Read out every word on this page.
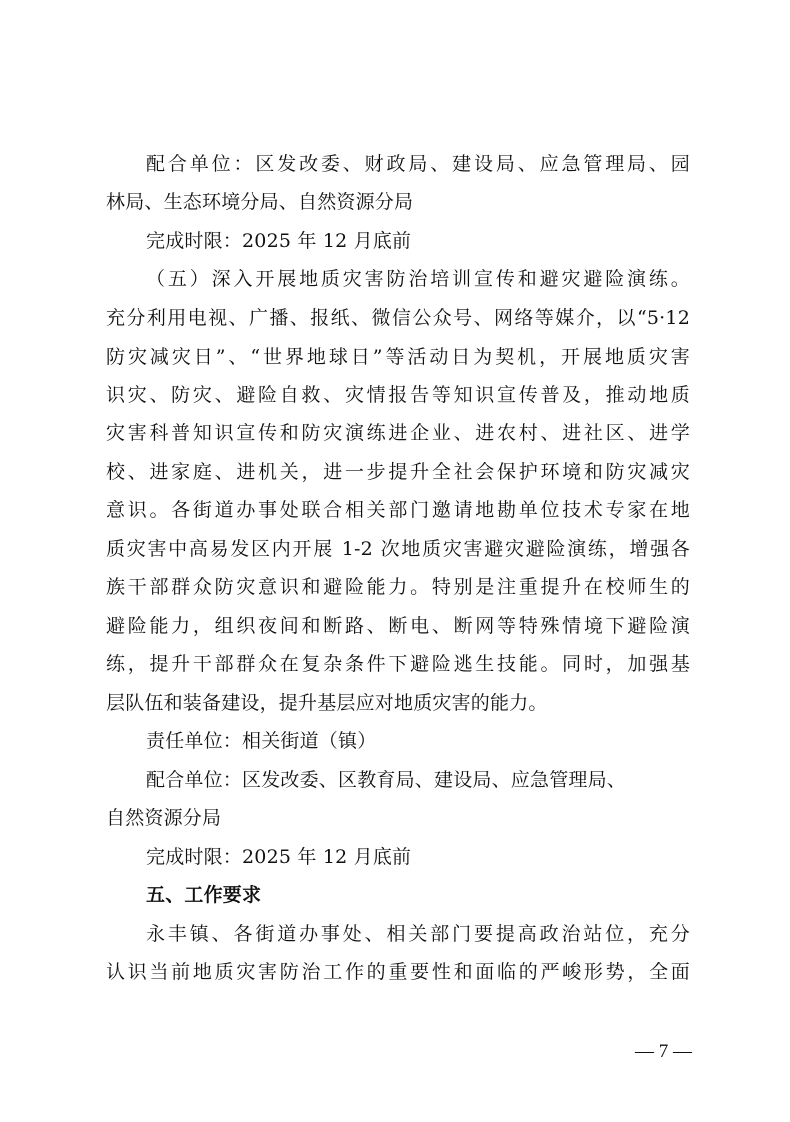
配合单位：区发改委、财政局、建设局、应急管理局、园
林局、生态环境分局、自然资源分局
完成时限：2025 年 12 月底前
（五）深入开展地质灾害防治培训宣传和避灾避险演练。
充分利用电视、广播、报纸、微信公众号、网络等媒介，以“5·12
防灾减灾日”、“世界地球日”等活动日为契机，开展地质灾害
识灾、防灾、避险自救、灾情报告等知识宣传普及，推动地质
灾害科普知识宣传和防灾演练进企业、进农村、进社区、进学
校、进家庭、进机关，进一步提升全社会保护环境和防灾减灾
意识。各街道办事处联合相关部门邀请地勘单位技术专家在地
质灾害中高易发区内开展 1-2 次地质灾害避灾避险演练，增强各
族干部群众防灾意识和避险能力。特别是注重提升在校师生的
避险能力，组织夜间和断路、断电、断网等特殊情境下避险演
练，提升干部群众在复杂条件下避险逃生技能。同时，加强基
层队伍和装备建设，提升基层应对地质灾害的能力。
责任单位：相关街道（镇）
配合单位：区发改委、区教育局、建设局、应急管理局、
自然资源分局
完成时限：2025 年 12 月底前
五、工作要求
永丰镇、各街道办事处、相关部门要提高政治站位，充分
认识当前地质灾害防治工作的重要性和面临的严峻形势，全面
— 7 —
